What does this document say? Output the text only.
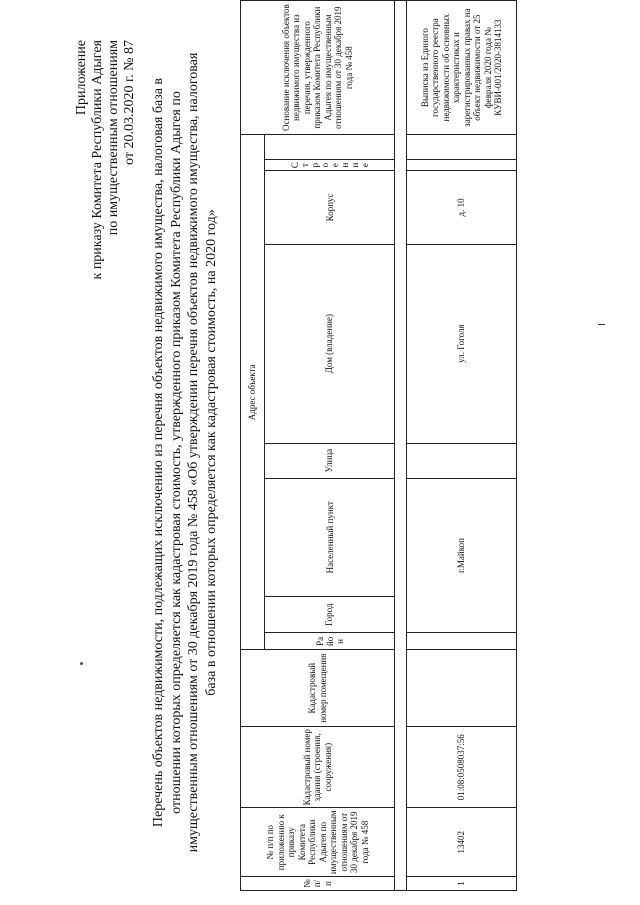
Приложение к приказу Комитета Республики Адыгея по имущественным отношениям от 20.03.2020 г. № 87 Перечень объектов недвижимости, подлежащих исключению из перечня объектов недвижимого имущества, налоговая база в отношении которых определяется как кадастровая стоимость, утвержденного приказом Комитета Республики Адыгея по имущественным отношениям от 30 декабря 2019 года № 458 «Об утверждении перечня объектов недвижимого имущества, налоговая база в отношении которых определяется как кадастровая стоимость, на 2020 год»
№ п/п	№ п/п по приложению к приказу Комитета Республики Адыгея по имущественным отношениям от 30 декабря 2019 года № 458	Кадастровый номер здания (строения, сооружения)	Кадастровый номер помещения	Адрес объекта								Основание исключения объектов недвижимого имущества из перечня, утвержденного приказом Комитета Республики Адыгея по имущественным отношениям от 30 декабря 2019 года № 458

				Район	Город	Населенный пункт	Улица	Дом (владение)	Корпус	Строение		

1	13402	01:08:0508037:56			г.Майкоп			ул. Гоголя	д. 10			Выписка из Единого государственного реестра недвижимости об основных характеристиках и зарегистрированных правах на объект недвижимости от 25 февраля 2020 года № КУВИ-001/2020-3814133
